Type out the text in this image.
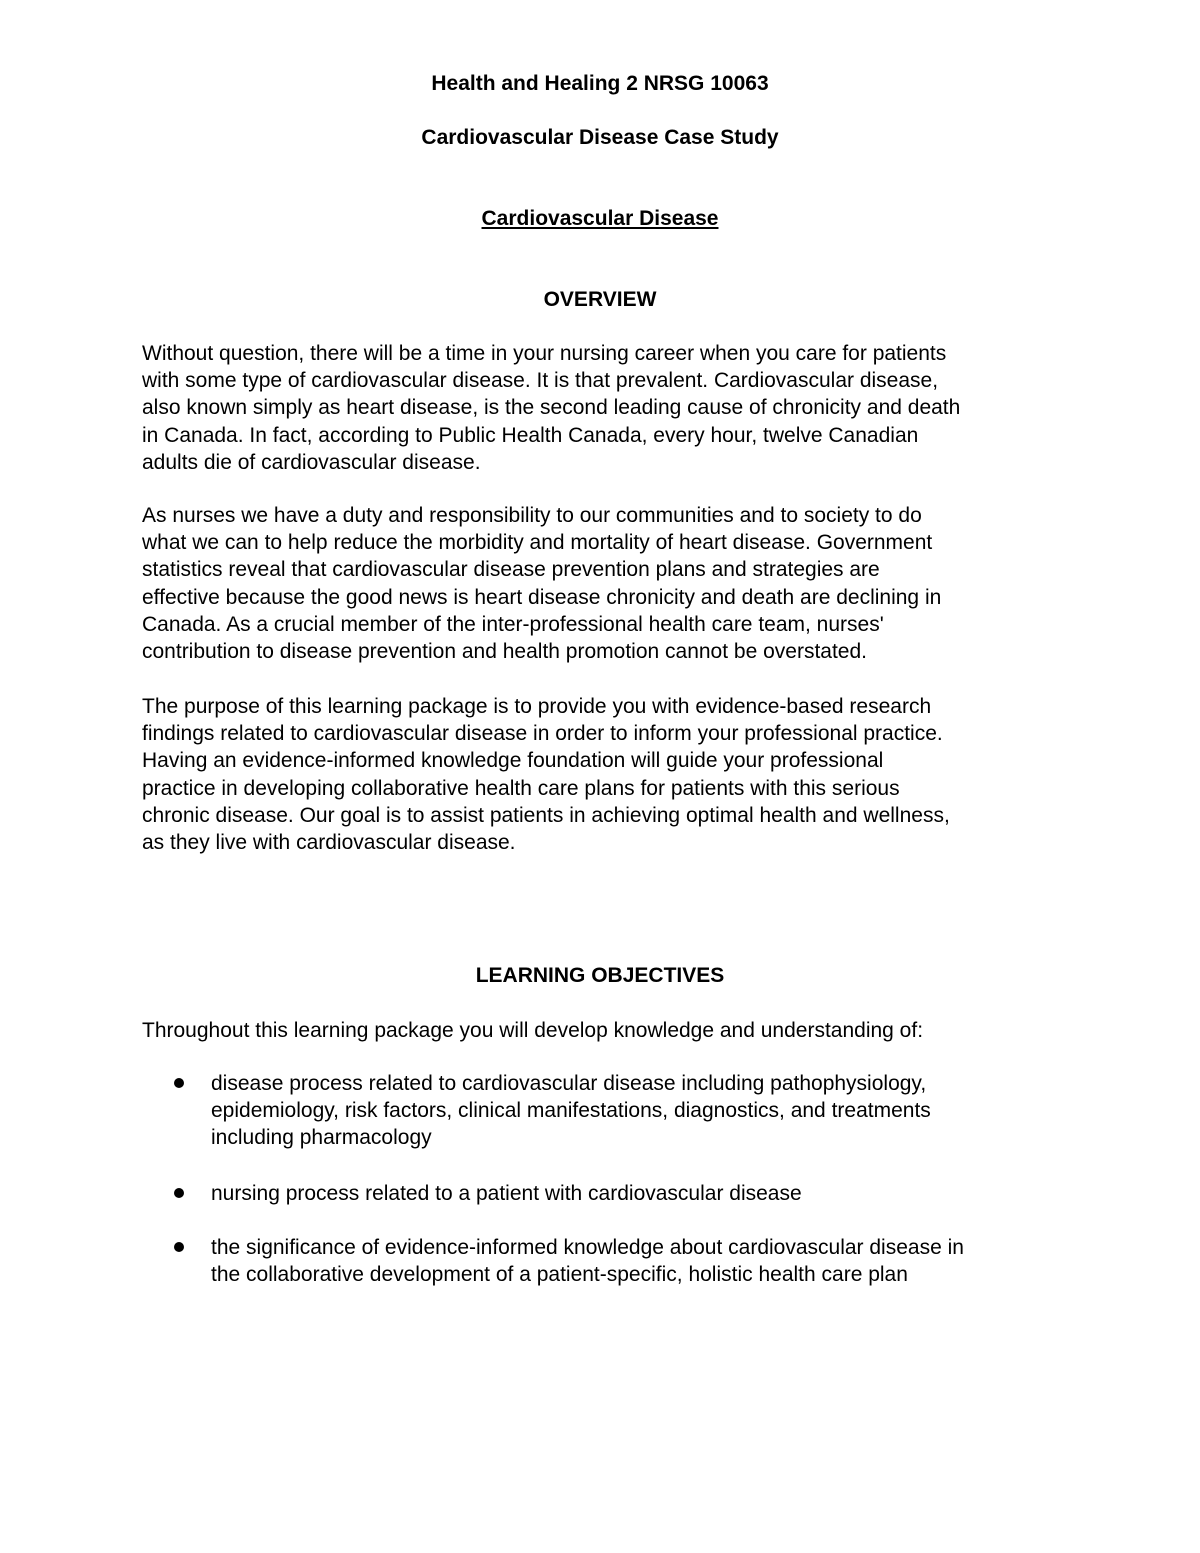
Health and Healing 2 NRSG 10063
Cardiovascular Disease Case Study
Cardiovascular Disease
OVERVIEW
Without question, there will be a time in your nursing career when you care for patients
with some type of cardiovascular disease. It is that prevalent. Cardiovascular disease,
also known simply as heart disease, is the second leading cause of chronicity and death
in Canada. In fact, according to Public Health Canada, every hour, twelve Canadian
adults die of cardiovascular disease.
As nurses we have a duty and responsibility to our communities and to society to do
what we can to help reduce the morbidity and mortality of heart disease. Government
statistics reveal that cardiovascular disease prevention plans and strategies are
effective because the good news is heart disease chronicity and death are declining in
Canada. As a crucial member of the inter-professional health care team, nurses'
contribution to disease prevention and health promotion cannot be overstated.
The purpose of this learning package is to provide you with evidence-based research
findings related to cardiovascular disease in order to inform your professional practice.
Having an evidence-informed knowledge foundation will guide your professional
practice in developing collaborative health care plans for patients with this serious
chronic disease. Our goal is to assist patients in achieving optimal health and wellness,
as they live with cardiovascular disease.
LEARNING OBJECTIVES
Throughout this learning package you will develop knowledge and understanding of:
disease process related to cardiovascular disease including pathophysiology,
epidemiology, risk factors, clinical manifestations, diagnostics, and treatments
including pharmacology
nursing process related to a patient with cardiovascular disease
the significance of evidence-informed knowledge about cardiovascular disease in
the collaborative development of a patient-specific, holistic health care plan
